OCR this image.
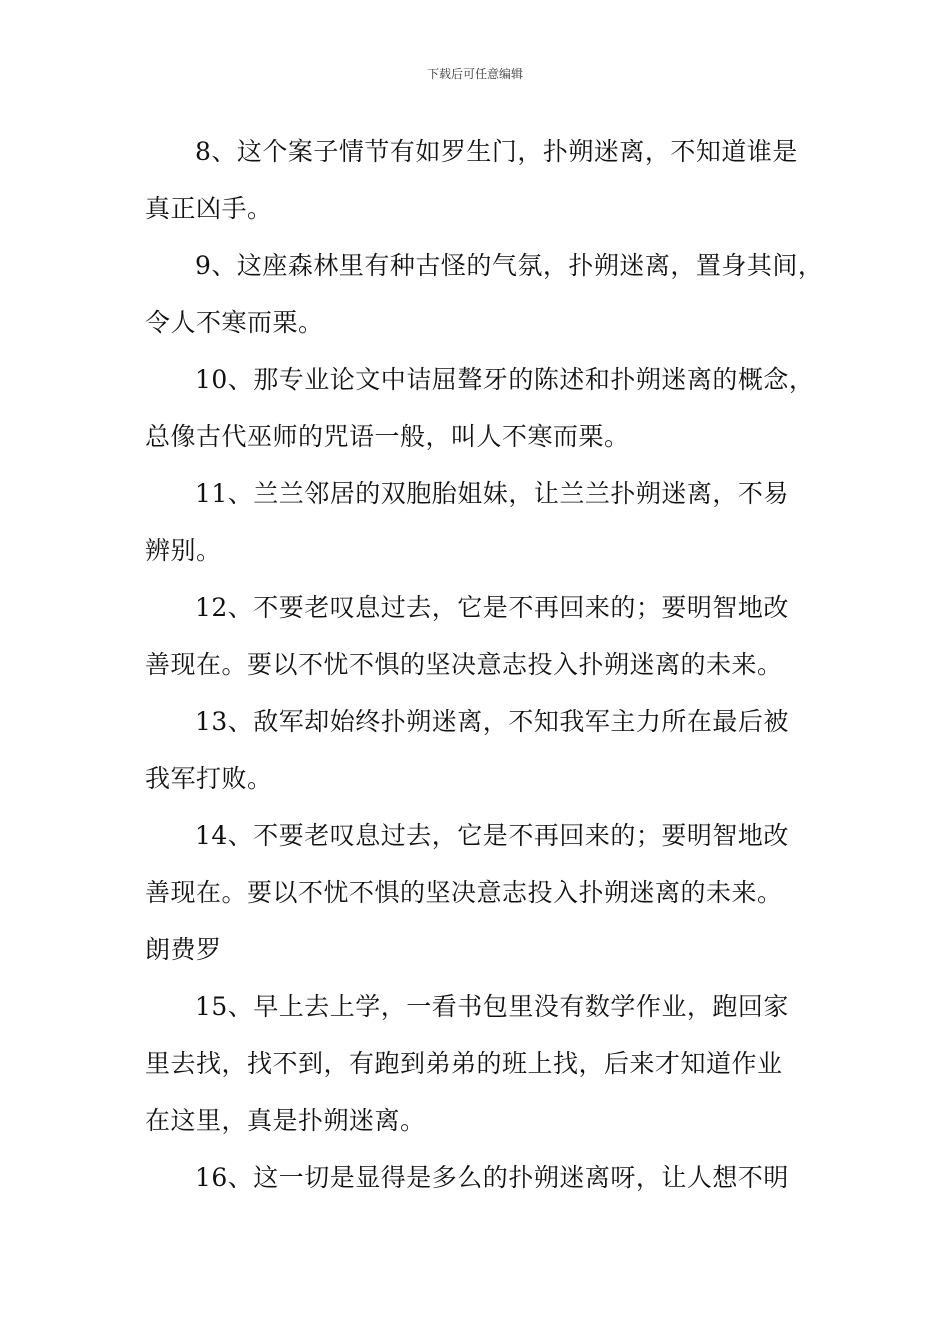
下载后可任意编辑

8、这个案子情节有如罗生门，扑朔迷离，不知道谁是
真正凶手。

9、这座森林里有种古怪的气氛，扑朔迷离，置身其间，
令人不寒而栗。

10、那专业论文中诘屈聱牙的陈述和扑朔迷离的概念，
总像古代巫师的咒语一般，叫人不寒而栗。

11、兰兰邻居的双胞胎姐妹，让兰兰扑朔迷离，不易
辨别。

12、不要老叹息过去，它是不再回来的；要明智地改
善现在。要以不忧不惧的坚决意志投入扑朔迷离的未来。

13、敌军却始终扑朔迷离，不知我军主力所在最后被
我军打败。

14、不要老叹息过去，它是不再回来的；要明智地改
善现在。要以不忧不惧的坚决意志投入扑朔迷离的未来。
朗费罗

15、早上去上学，一看书包里没有数学作业，跑回家
里去找，找不到，有跑到弟弟的班上找，后来才知道作业
在这里，真是扑朔迷离。

16、这一切是显得是多么的扑朔迷离呀，让人想不明
